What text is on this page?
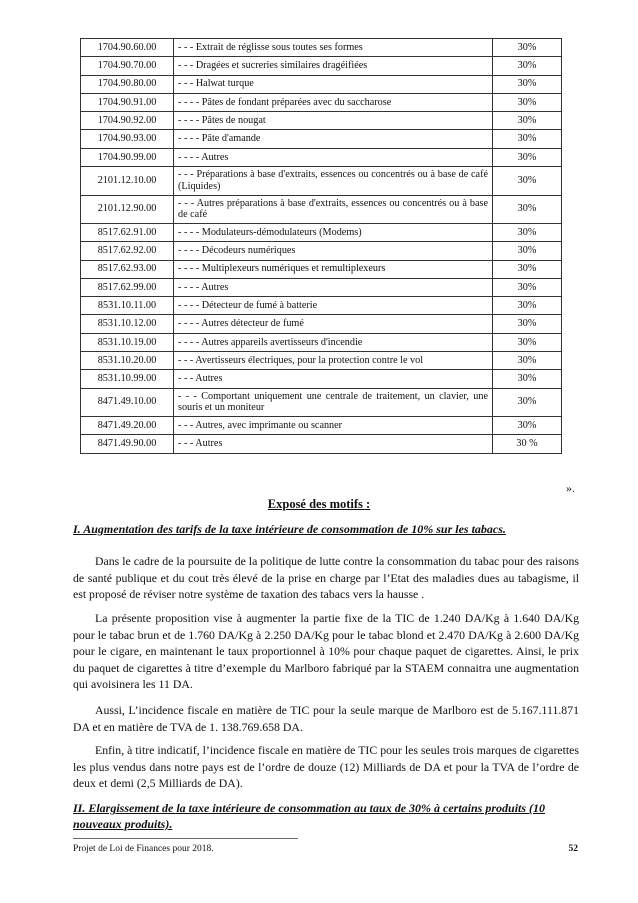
1704.90.60.00	- - - Extrait de réglisse sous toutes ses formes	30%
1704.90.70.00	- - - Dragées et sucreries similaires dragéifiées	30%
1704.90.80.00	- - - Halwat turque	30%
1704.90.91.00	- - - - Pâtes de fondant préparées avec du saccharose	30%
1704.90.92.00	- - - - Pâtes de nougat	30%
1704.90.93.00	- - - - Pâte d'amande	30%
1704.90.99.00	- - - - Autres	30%
2101.12.10.00	- - - Préparations à base d'extraits, essences ou concentrés ou à base de café (Liquides)	30%
2101.12.90.00	- - - Autres préparations à base d'extraits, essences ou concentrés ou à base de café	30%
8517.62.91.00	- - - - Modulateurs-démodulateurs (Modems)	30%
8517.62.92.00	- - - - Décodeurs numériques	30%
8517.62.93.00	- - - - Multiplexeurs numériques et remultiplexeurs	30%
8517.62.99.00	- - - - Autres	30%
8531.10.11.00	- - - - Détecteur de fumé à batterie	30%
8531.10.12.00	- - - - Autres détecteur de fumé	30%
8531.10.19.00	- - - - Autres appareils avertisseurs d'incendie	30%
8531.10.20.00	- - - Avertisseurs électriques, pour la protection contre le vol	30%
8531.10.99.00	- - - Autres	30%
8471.49.10.00	- - - Comportant uniquement une centrale de traitement, un clavier, une souris et un moniteur	30%
8471.49.20.00	- - - Autres, avec imprimante ou scanner	30%
8471.49.90.00	- - - Autres	30 %
».
Exposé des motifs :
I. Augmentation des tarifs de la taxe intérieure de consommation de 10% sur les tabacs.

Dans le cadre de la poursuite de la politique de lutte contre la consommation du tabac pour des raisons de santé publique et du cout très élevé de la prise en charge par l’Etat des maladies dues au tabagisme, il est proposé de réviser notre système de taxation des tabacs vers la hausse .

La présente proposition vise à augmenter la partie fixe de la TIC de 1.240 DA/Kg à 1.640 DA/Kg pour le tabac brun et de 1.760 DA/Kg à 2.250 DA/Kg pour le tabac blond et 2.470 DA/Kg à 2.600 DA/Kg pour le cigare, en maintenant le taux proportionnel à 10% pour chaque paquet de cigarettes. Ainsi, le prix du paquet de cigarettes à titre d’exemple du Marlboro fabriqué par la STAEM connaitra une augmentation qui avoisinera les 11 DA.

Aussi, L’incidence fiscale en matière de TIC pour la seule marque de Marlboro est de 5.167.111.871 DA et en matière de TVA de 1. 138.769.658 DA.

Enfin, à titre indicatif, l’incidence fiscale en matière de TIC pour les seules trois marques de cigarettes les plus vendus dans notre pays est de l’ordre de douze (12) Milliards de DA et pour la TVA de l’ordre de deux et demi (2,5 Milliards de DA).

II. Elargissement de la taxe intérieure de consommation au taux de 30% à certains produits (10 nouveaux produits).
Projet de Loi de Finances pour 2018.	52
